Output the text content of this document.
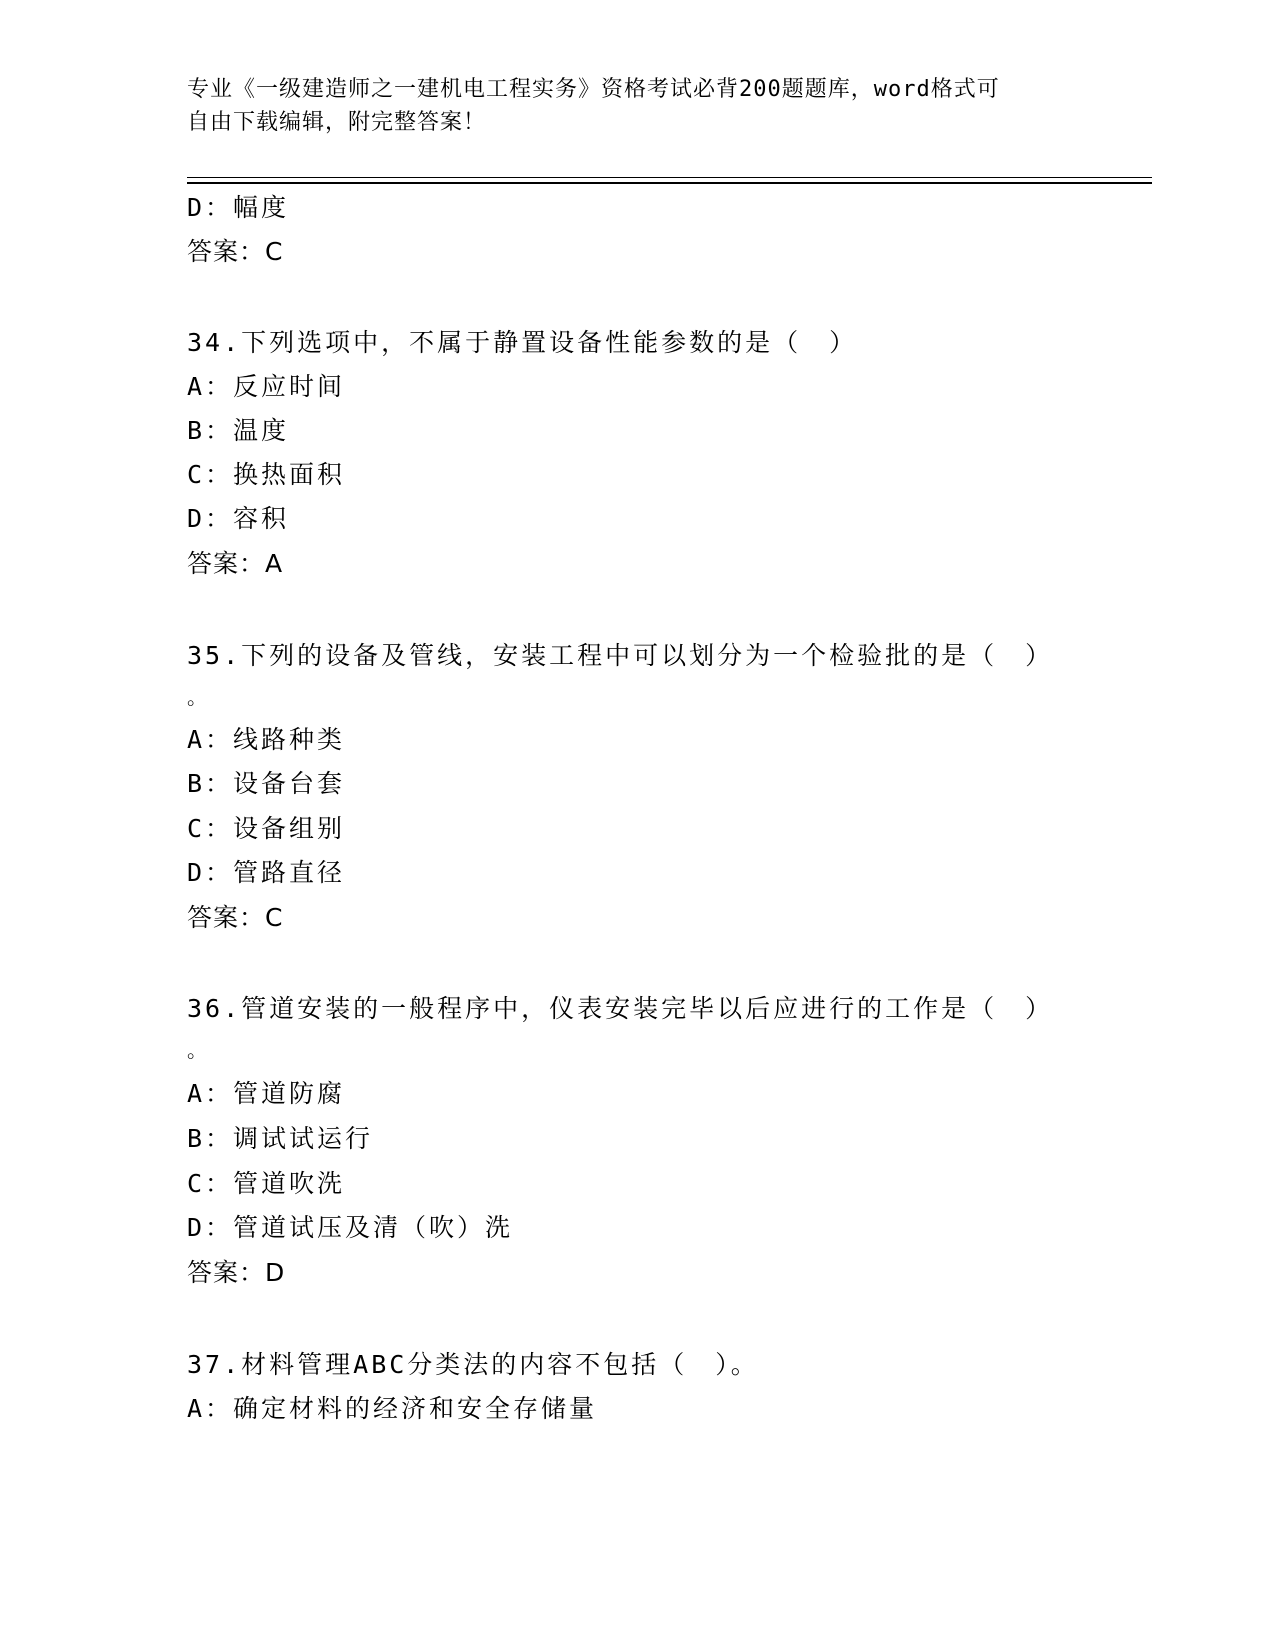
专业《一级建造师之一建机电工程实务》资格考试必背200题题库，word格式可
自由下载编辑，附完整答案！
D：幅度
答案：C
34.下列选项中，不属于静置设备性能参数的是（　）
A：反应时间
B：温度
C：换热面积
D：容积
答案：A
35.下列的设备及管线，安装工程中可以划分为一个检验批的是（　）
。
A：线路种类
B：设备台套
C：设备组别
D：管路直径
答案：C
36.管道安装的一般程序中，仪表安装完毕以后应进行的工作是（　）
。
A：管道防腐
B：调试试运行
C：管道吹洗
D：管道试压及清（吹）洗
答案：D
37.材料管理ABC分类法的内容不包括（　）。
A：确定材料的经济和安全存储量
